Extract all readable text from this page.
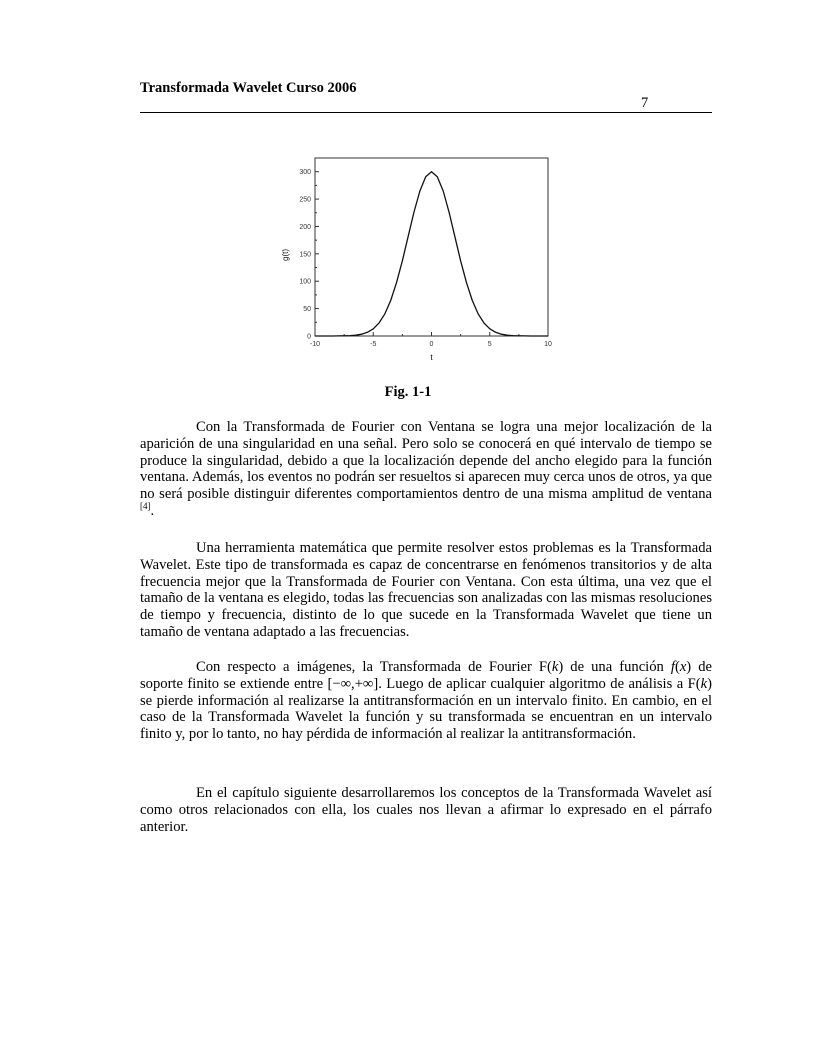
Transformada Wavelet Curso 2006
7
-10	-5	0	5	10
0
50
100
150
200
250
300
t
g(t)
Fig. 1-1

Con la Transformada de Fourier con Ventana se logra una mejor localización de la aparición de una singularidad en una señal. Pero solo se conocerá en qué intervalo de tiempo se produce la singularidad, debido a que la localización depende del ancho elegido para la función ventana. Además, los eventos no podrán ser resueltos si aparecen muy cerca unos de otros, ya que no será posible distinguir diferentes comportamientos dentro de una misma amplitud de ventana [4].

Una herramienta matemática que permite resolver estos problemas es la Transformada Wavelet. Este tipo de transformada es capaz de concentrarse en fenómenos transitorios y de alta frecuencia mejor que la Transformada de Fourier con Ventana. Con esta última, una vez que el tamaño de la ventana es elegido, todas las frecuencias son analizadas con las mismas resoluciones de tiempo y frecuencia, distinto de lo que sucede en la Transformada Wavelet que tiene un tamaño de ventana adaptado a las frecuencias.

Con respecto a imágenes, la Transformada de Fourier F(k) de una función f(x) de soporte finito se extiende entre [−∞,+∞]. Luego de aplicar cualquier algoritmo de análisis a F(k) se pierde información al realizarse la antitransformación en un intervalo finito. En cambio, en el caso de la Transformada Wavelet la función y su transformada se encuentran en un intervalo finito y, por lo tanto, no hay pérdida de información al realizar la antitransformación.

En el capítulo siguiente desarrollaremos los conceptos de la Transformada Wavelet así como otros relacionados con ella, los cuales nos llevan a afirmar lo expresado en el párrafo anterior.
